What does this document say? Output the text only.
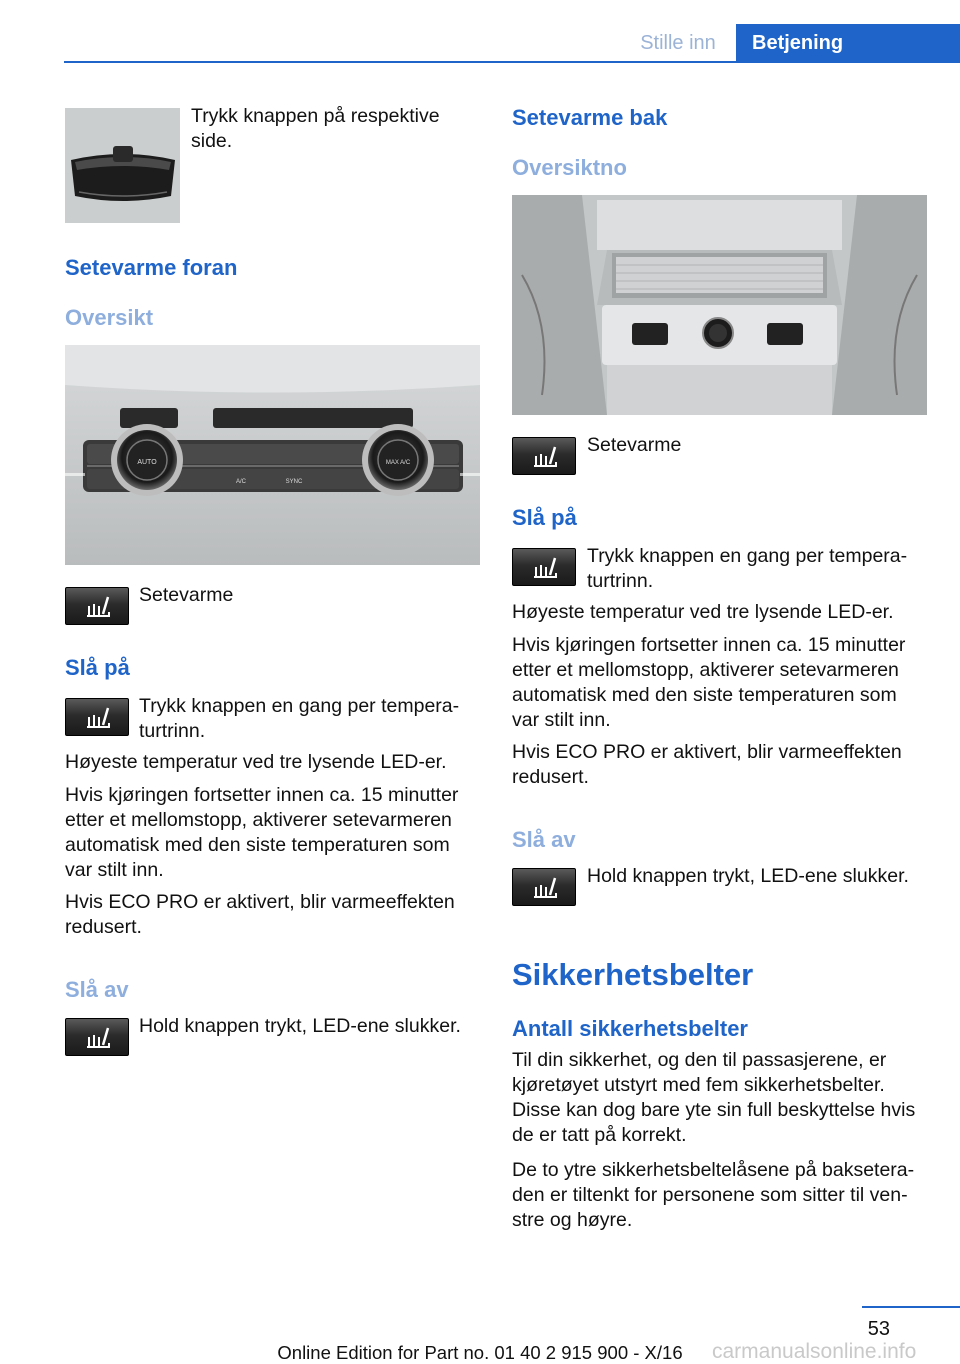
Stille inn	Betjening

Trykk knappen på respektive side.

Setevarme foran
Oversikt
AUTO
A/C	SYNC
MAX A/C

Setevarme

Slå på

Trykk knappen en gang per tempera- turtrinn.

Høyeste temperatur ved tre lysende LED-er.

Hvis kjøringen fortsetter innen ca. 15 minutter etter et mellomstopp, aktiverer setevarmeren automatisk med den siste temperaturen som var stilt inn.

Hvis ECO PRO er aktivert, blir varmeeffekten redusert.

Slå av

Hold knappen trykt, LED-ene slukker.

Setevarme bak
Oversiktno

Setevarme

Slå på

Trykk knappen en gang per tempera- turtrinn.

Høyeste temperatur ved tre lysende LED-er.

Hvis kjøringen fortsetter innen ca. 15 minutter etter et mellomstopp, aktiverer setevarmeren automatisk med den siste temperaturen som var stilt inn.

Hvis ECO PRO er aktivert, blir varmeeffekten redusert.

Slå av

Hold knappen trykt, LED-ene slukker.

Sikkerhetsbelter
Antall sikkerhetsbelter

Til din sikkerhet, og den til passasjerene, er kjøretøyet utstyrt med fem sikkerhetsbelter. Disse kan dog bare yte sin full beskyttelse hvis de er tatt på korrekt.

De to ytre sikkerhetsbeltelåsene på baksetera- den er tiltenkt for personene som sitter til ven- stre og høyre.

53
carmanualsonline.info
Online Edition for Part no. 01 40 2 915 900 - X/16
